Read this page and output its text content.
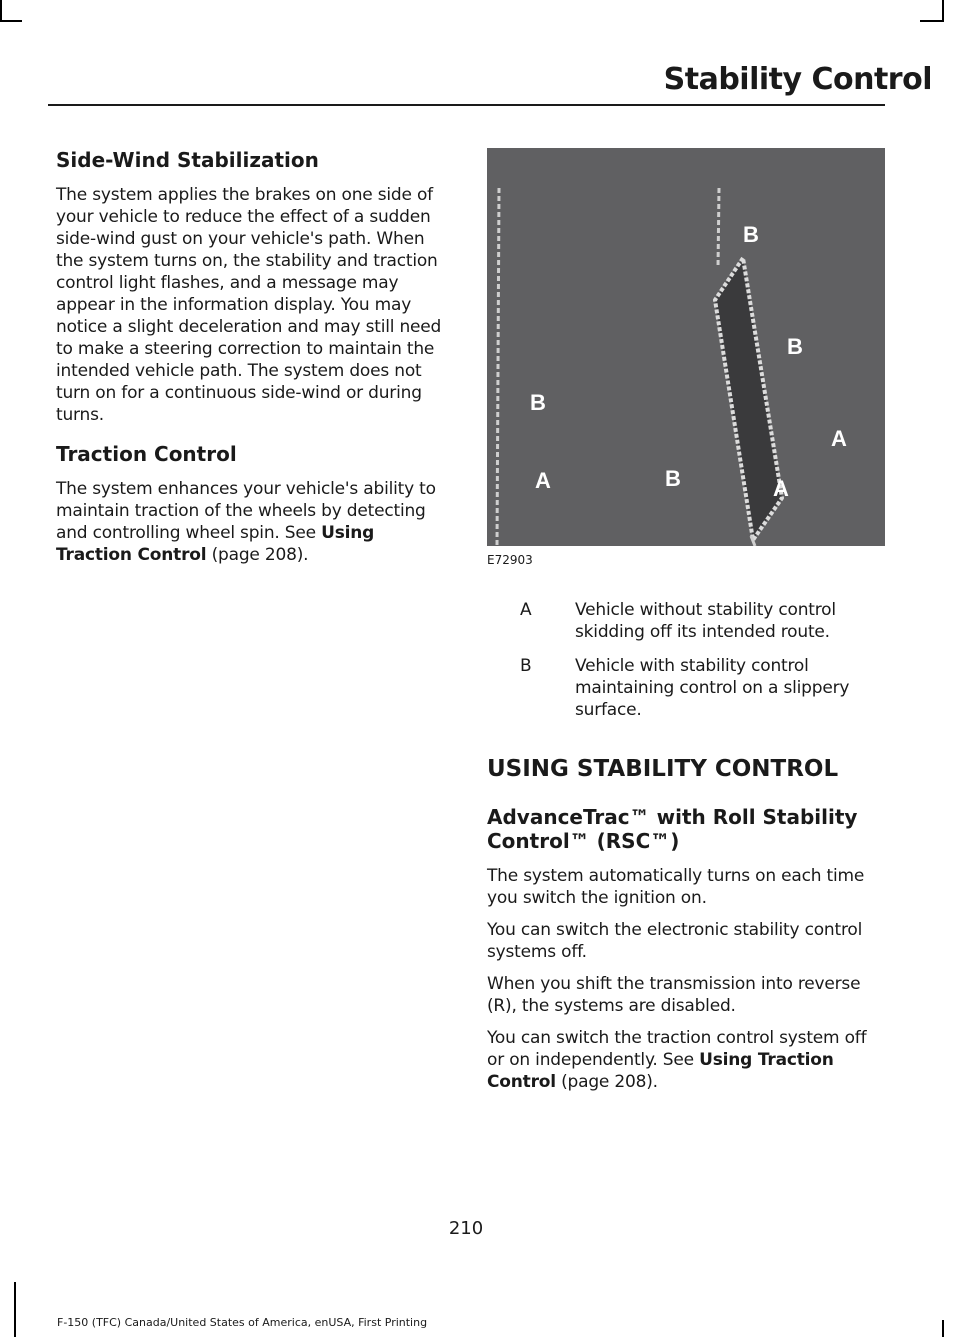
Stability Control
Side-Wind Stabilization

The system applies the brakes on one side of your vehicle to reduce the effect of a sudden side-wind gust on your vehicle's path. When the system turns on, the stability and traction control light flashes, and a message may appear in the information display. You may notice a slight deceleration and may still need to make a steering correction to maintain the intended vehicle path. The system does not turn on for a continuous side-wind or during turns.

Traction Control

The system enhances your vehicle's ability to maintain traction of the wheels by detecting and controlling wheel spin. See Using Traction Control (page 208).

B
B
B
A
B
A	A
E72903
A	Vehicle without stability control skidding off its intended route.
B	Vehicle with stability control maintaining control on a slippery surface.
USING STABILITY CONTROL
AdvanceTrac™ with Roll Stability Control™ (RSC™)

The system automatically turns on each time you switch the ignition on.

You can switch the electronic stability control systems off.

When you shift the transmission into reverse (R), the systems are disabled.

You can switch the traction control system off or on independently. See Using Traction Control (page 208).

210
F-150 (TFC) Canada/United States of America, enUSA, First Printing
